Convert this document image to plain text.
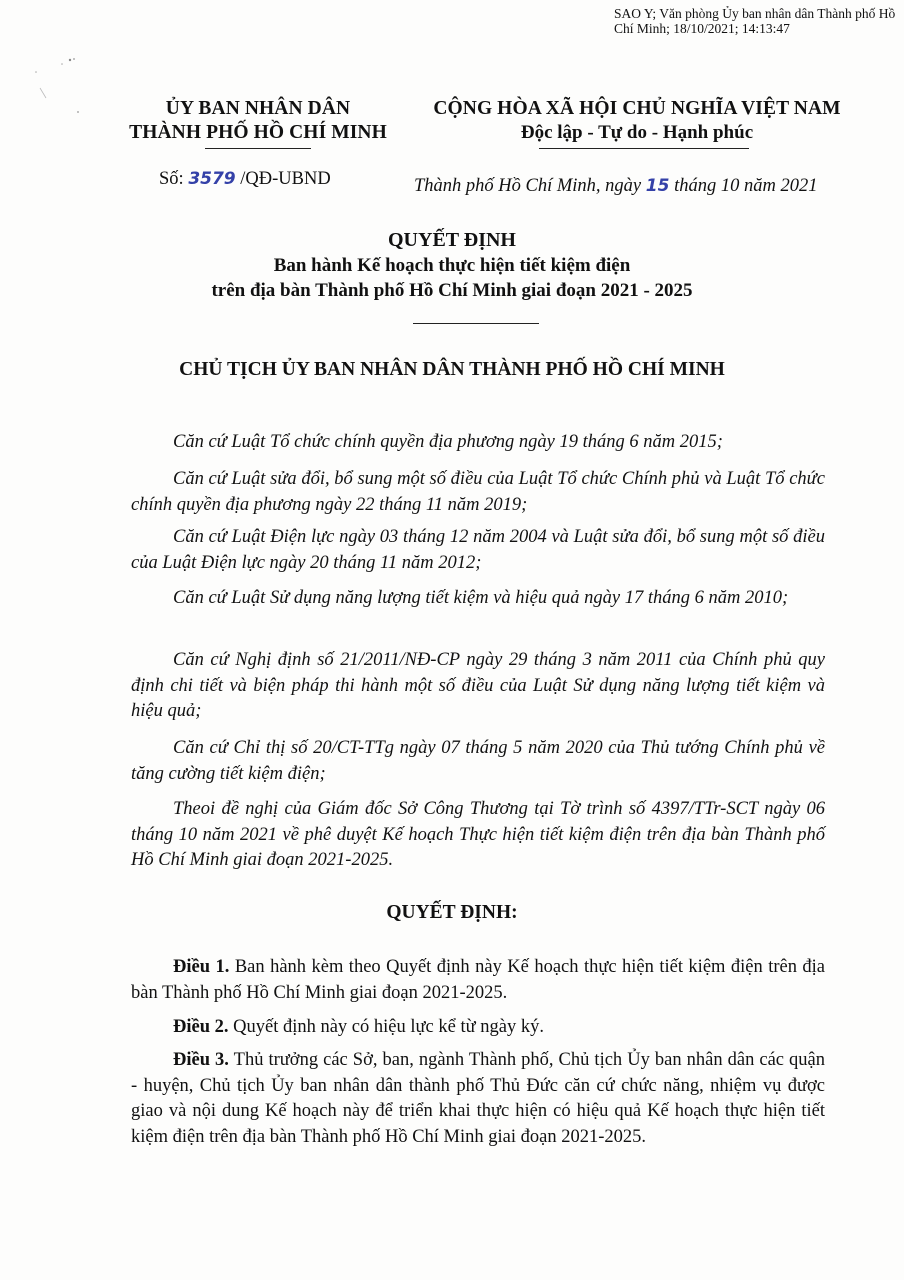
SAO Y; Văn phòng Ủy ban nhân dân Thành phố Hồ Chí Minh; 18/10/2021; 14:13:47
ỦY BAN NHÂN DÂN
THÀNH PHỐ HỒ CHÍ MINH
CỘNG HÒA XÃ HỘI CHỦ NGHĨA VIỆT NAM
Độc lập - Tự do - Hạnh phúc
Số: 3579 /QĐ-UBND	Thành phố Hồ Chí Minh, ngày 15 tháng 10 năm 2021
QUYẾT ĐỊNH
Ban hành Kế hoạch thực hiện tiết kiệm điện
trên địa bàn Thành phố Hồ Chí Minh giai đoạn 2021 - 2025
CHỦ TỊCH ỦY BAN NHÂN DÂN THÀNH PHỐ HỒ CHÍ MINH
Căn cứ Luật Tổ chức chính quyền địa phương ngày 19 tháng 6 năm 2015;
Căn cứ Luật sửa đổi, bổ sung một số điều của Luật Tổ chức Chính phủ và Luật Tổ chức chính quyền địa phương ngày 22 tháng 11 năm 2019;
Căn cứ Luật Điện lực ngày 03 tháng 12 năm 2004 và Luật sửa đổi, bổ sung một số điều của Luật Điện lực ngày 20 tháng 11 năm 2012;
Căn cứ Luật Sử dụng năng lượng tiết kiệm và hiệu quả ngày 17 tháng 6 năm 2010;
Căn cứ Nghị định số 21/2011/NĐ-CP ngày 29 tháng 3 năm 2011 của Chính phủ quy định chi tiết và biện pháp thi hành một số điều của Luật Sử dụng năng lượng tiết kiệm và hiệu quả;
Căn cứ Chỉ thị số 20/CT-TTg ngày 07 tháng 5 năm 2020 của Thủ tướng Chính phủ về tăng cường tiết kiệm điện;
Theoi đề nghị của Giám đốc Sở Công Thương tại Tờ trình số 4397/TTr-SCT ngày 06 tháng 10 năm 2021 về phê duyệt Kế hoạch Thực hiện tiết kiệm điện trên địa bàn Thành phố Hồ Chí Minh giai đoạn 2021-2025.
QUYẾT ĐỊNH:
Điều 1. Ban hành kèm theo Quyết định này Kế hoạch thực hiện tiết kiệm điện trên địa bàn Thành phố Hồ Chí Minh giai đoạn 2021-2025.
Điều 2. Quyết định này có hiệu lực kể từ ngày ký.
Điều 3. Thủ trưởng các Sở, ban, ngành Thành phố, Chủ tịch Ủy ban nhân dân các quận - huyện, Chủ tịch Ủy ban nhân dân thành phố Thủ Đức căn cứ chức năng, nhiệm vụ được giao và nội dung Kế hoạch này để triển khai thực hiện có hiệu quả Kế hoạch thực hiện tiết kiệm điện trên địa bàn Thành phố Hồ Chí Minh giai đoạn 2021-2025.
